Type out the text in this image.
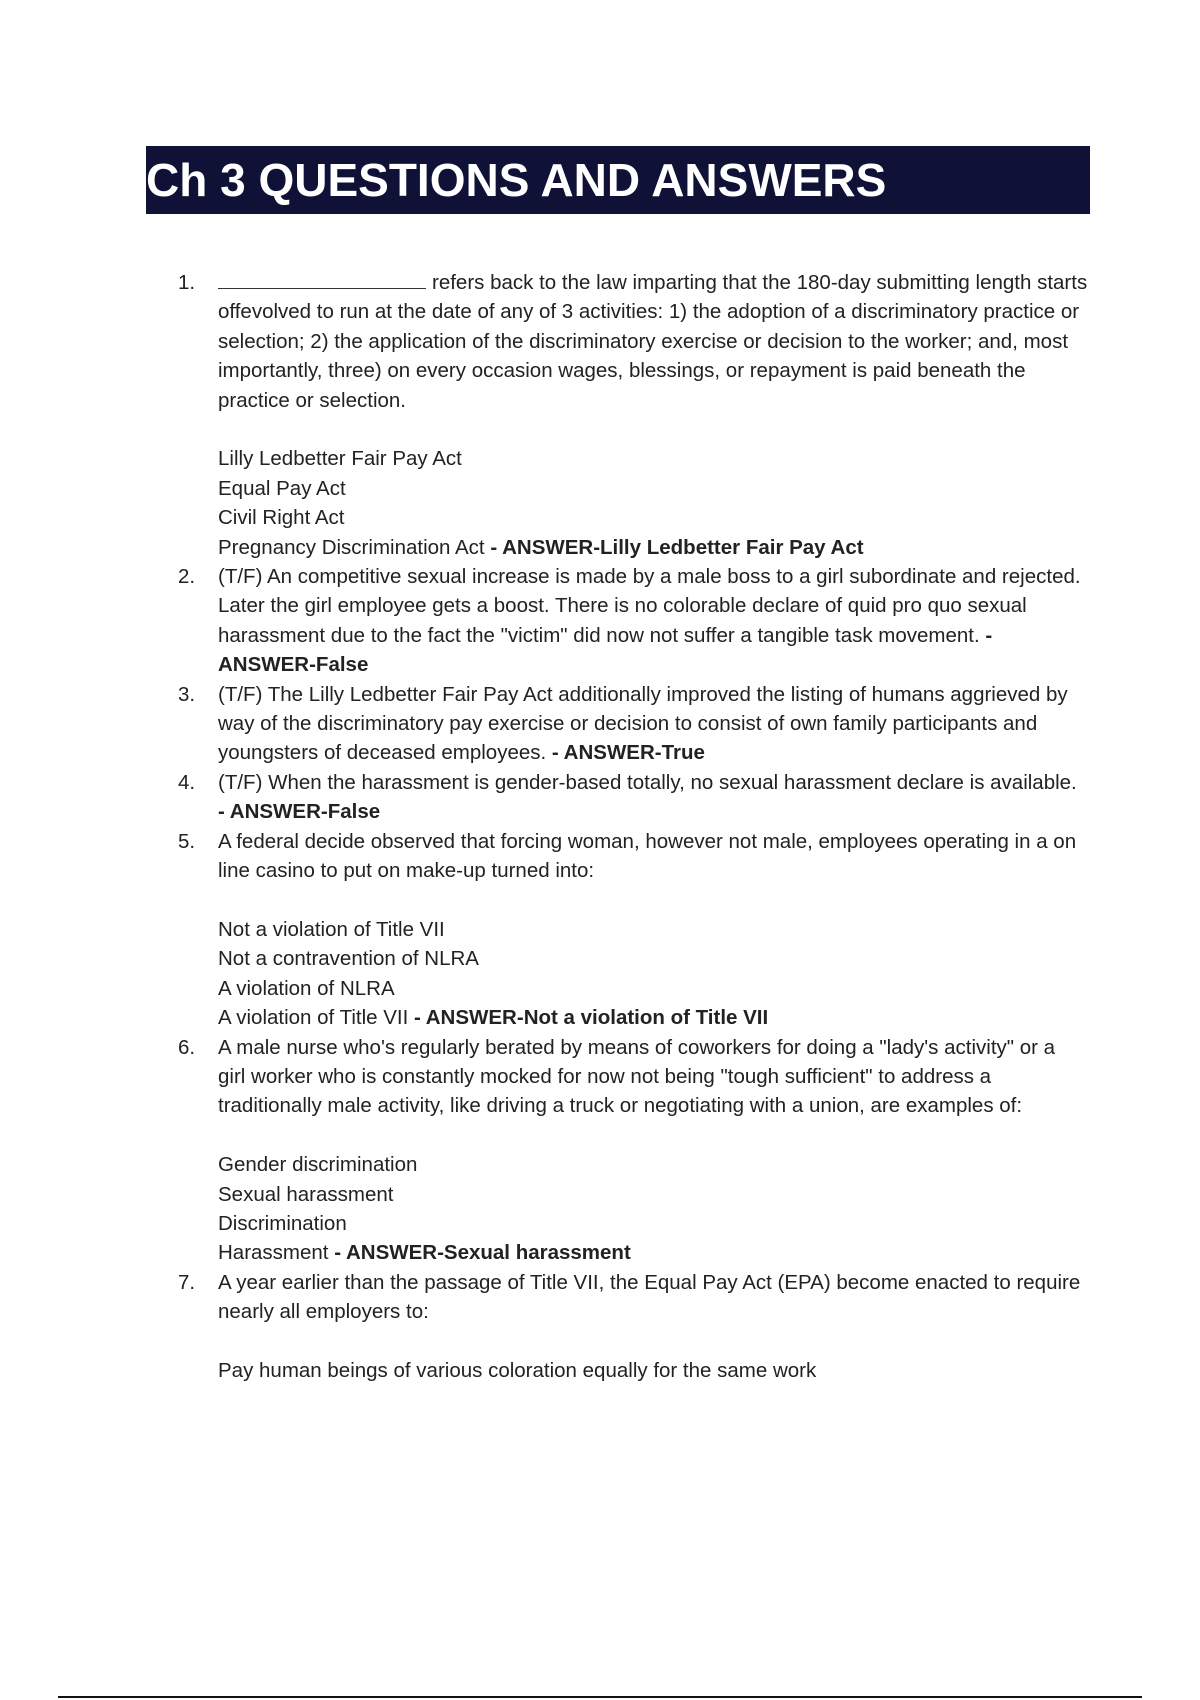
Ch 3 QUESTIONS AND ANSWERS
1.	refers back to the law imparting that the 180-day submitting length starts offevolved to run at the date of any of 3 activities: 1) the adoption of a discriminatory practice or selection; 2) the application of the discriminatory exercise or decision to the worker; and, most importantly, three) on every occasion wages, blessings, or repayment is paid beneath the practice or selection.

Lilly Ledbetter Fair Pay Act

Equal Pay Act

Civil Right Act

Pregnancy Discrimination Act - ANSWER-Lilly Ledbetter Fair Pay Act

2.	(T/F) An competitive sexual increase is made by a male boss to a girl subordinate and rejected. Later the girl employee gets a boost. There is no colorable declare of quid pro quo sexual harassment due to the fact the "victim" did now not suffer a tangible task movement. - ANSWER-False

3.	(T/F) The Lilly Ledbetter Fair Pay Act additionally improved the listing of humans aggrieved by way of the discriminatory pay exercise or decision to consist of own family participants and youngsters of deceased employees. - ANSWER-True

4.	(T/F) When the harassment is gender-based totally, no sexual harassment declare is available. - ANSWER-False

5.	A federal decide observed that forcing woman, however not male, employees operating in a on line casino to put on make-up turned into:

Not a violation of Title VII

Not a contravention of NLRA

A violation of NLRA

A violation of Title VII - ANSWER-Not a violation of Title VII

6.	A male nurse who's regularly berated by means of coworkers for doing a "lady's activity" or a girl worker who is constantly mocked for now not being "tough sufficient" to address a traditionally male activity, like driving a truck or negotiating with a union, are examples of:

Gender discrimination

Sexual harassment

Discrimination

Harassment - ANSWER-Sexual harassment

7.	A year earlier than the passage of Title VII, the Equal Pay Act (EPA) become enacted to require nearly all employers to:

Pay human beings of various coloration equally for the same work
